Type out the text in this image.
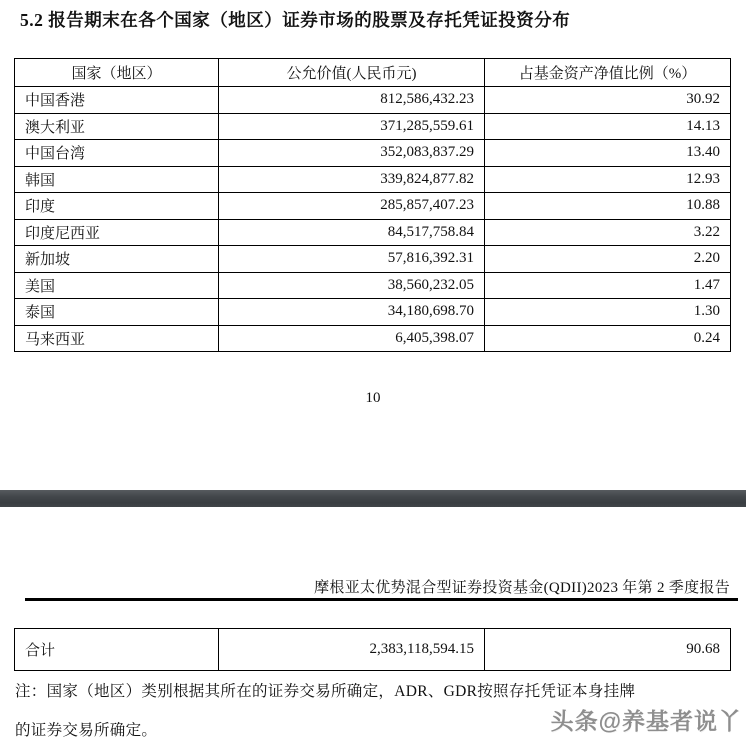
5.2 报告期末在各个国家（地区）证券市场的股票及存托凭证投资分布
国家（地区）	公允价值(人民币元)	占基金资产净值比例（%）
中国香港	812,586,432.23	30.92
澳大利亚	371,285,559.61	14.13
中国台湾	352,083,837.29	13.40
韩国	339,824,877.82	12.93
印度	285,857,407.23	10.88
印度尼西亚	84,517,758.84	3.22
新加坡	57,816,392.31	2.20
美国	38,560,232.05	1.47
泰国	34,180,698.70	1.30
马来西亚	6,405,398.07	0.24
10
摩根亚太优势混合型证券投资基金(QDII)2023 年第 2 季度报告
合计	2,383,118,594.15	90.68
注：国家（地区）类别根据其所在的证券交易所确定，ADR、GDR按照存托凭证本身挂牌
的证券交易所确定。	头条@养基者说丫
